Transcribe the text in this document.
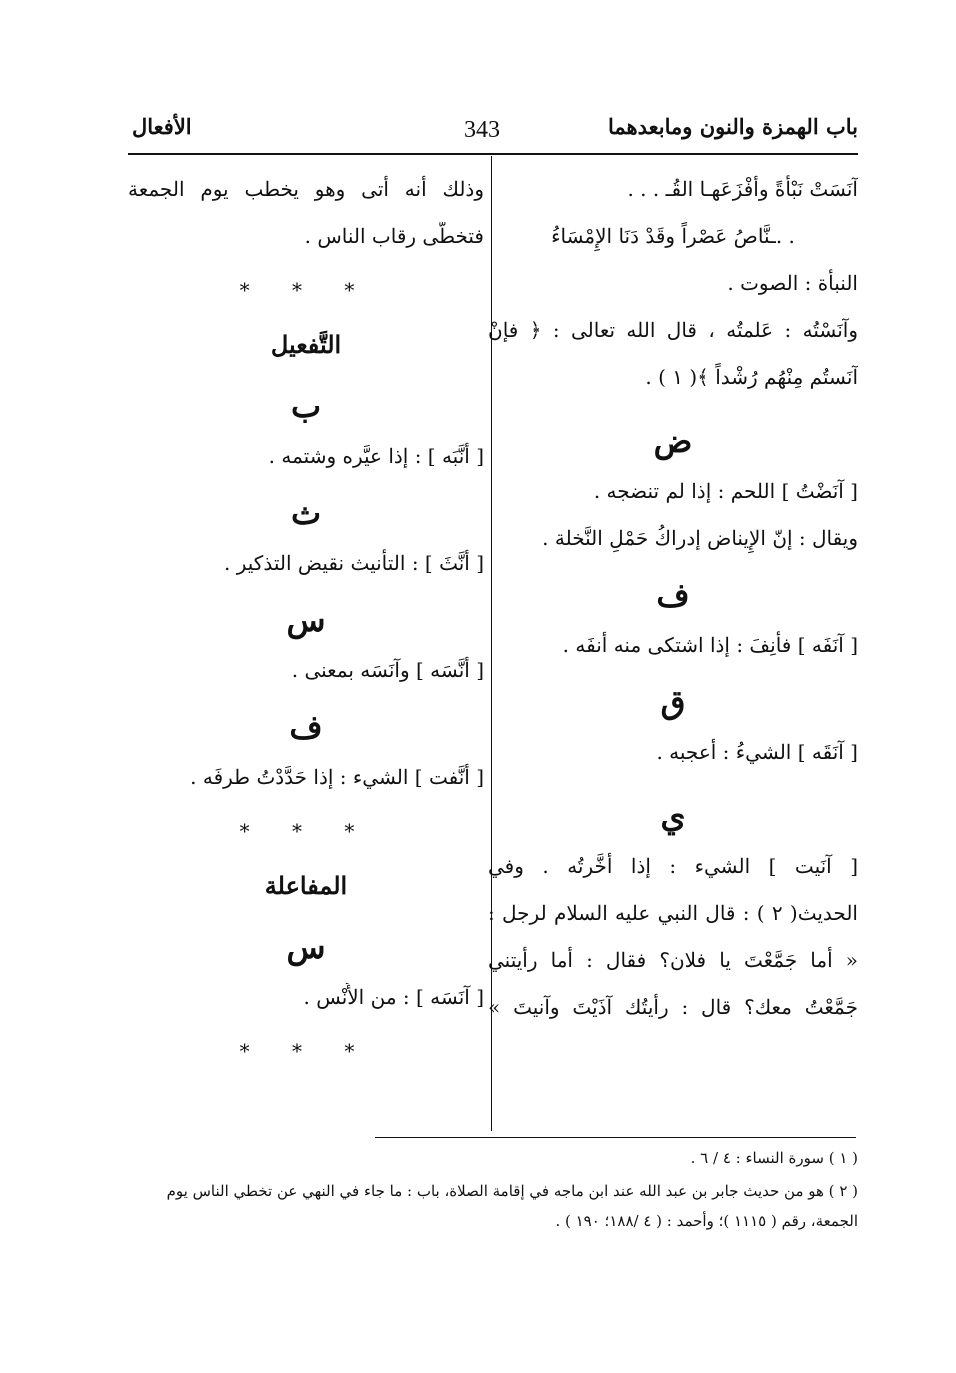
باب الهمزة والنون ومابعدهما
343
الأفعال
آنَسَتْ نَبْأَةً وأَفْزَعَهـا القُـ . . .
. .ـنَّاصُ عَصْراً وقَدْ دَنَا الإِمْسَاءُ
النبأة : الصوت .
وآنَسْتُه : عَلمتُه ، قال الله تعالى : ﴿ فإنْ
آنَستُم مِنْهُم رُشْداً ﴾( ١ ) .
ض
[ آنَضْتُ ] اللحم : إذا لم تنضجه .
ويقال : إنّ الإِيناض إدراكُ حَمْلِ النَّخلة .
ف
[ آنَفَه ] فأَنِفَ : إذا اشتكى منه أنفَه .
ق
[ آنَقَه ] الشيءُ : أعجبه .
ي
[ آنَيت ] الشيء : إذا أخَّرتُه . وفي
الحديث( ٢ ) : قال النبي عليه السلام لرجل :
« أما جَمَّعْتَ يا فلان؟ فقال : أما رأيتني
جَمَّعْتُ معك؟ قال : رأيتُك آذَيْتَ وآنيتَ »
وذلك أنه أتى وهو يخطب يوم الجمعة
فتخطّى رقاب الناس .
* * *
التَّفعيل
ب
[ أنَّبَه ] : إذا عيَّره وشتمه .
ث
[ أنَّثَ ] : التأنيث نقيض التذكير .
س
[ أنَّسَه ] وآنَسَه بمعنى .
ف
[ أنَّفت ] الشيء : إذا حَدَّدْتُ طرفَه .
* * *
المفاعلة
س
[ آنَسَه ] : من الأُنْس .
* * *
( ١ ) سورة النساء : ٤ / ٦ .
( ٢ ) هو من حديث جابر بن عبد الله عند ابن ماجه في إقامة الصلاة، باب : ما جاء في النهي عن تخطي الناس يوم الجمعة، رقم ( ١١١٥ )؛ وأحمد : ( ٤ /١٨٨؛ ١٩٠ ) .
